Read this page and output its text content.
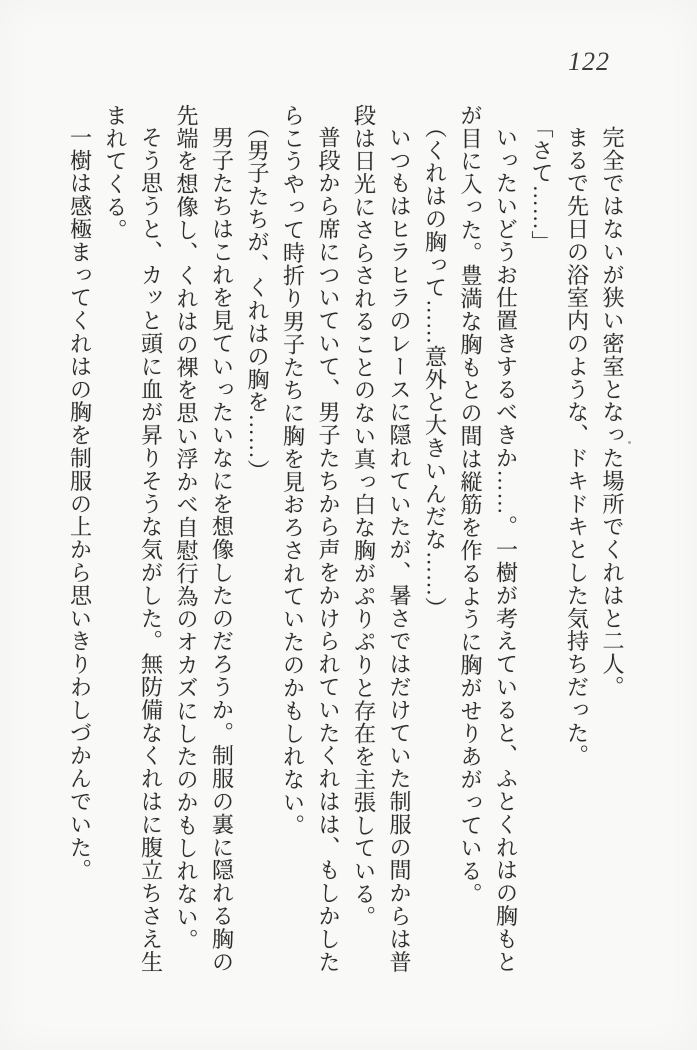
122

完全ではないが狭い密室となった場所でくれはと二人。

まるで先日の浴室内のような、ドキドキとした気持ちだった。

「さて……」

いったいどうお仕置きするべきか……。一樹が考えていると、ふとくれはの胸もと

が目に入った。豊満な胸もとの間は縦筋を作るように胸がせりあがっている。

（くれはの胸って……意外と大きいんだな……）

いつもはヒラヒラのレースに隠れていたが、暑さではだけていた制服の間からは普

段は日光にさらされることのない真っ白な胸がぷりぷりと存在を主張している。

普段から席についていて、男子たちから声をかけられていたくれはは、もしかした

らこうやって時折り男子たちに胸を見おろされていたのかもしれない。

（男子たちが、くれはの胸を……）

男子たちはこれを見ていったいなにを想像したのだろうか。制服の裏に隠れる胸の

先端を想像し、くれはの裸を思い浮かべ自慰行為のオカズにしたのかもしれない。

そう思うと、カッと頭に血が昇りそうな気がした。無防備なくれはに腹立ちさえ生

まれてくる。

一樹は感極まってくれはの胸を制服の上から思いきりわしづかんでいた。
